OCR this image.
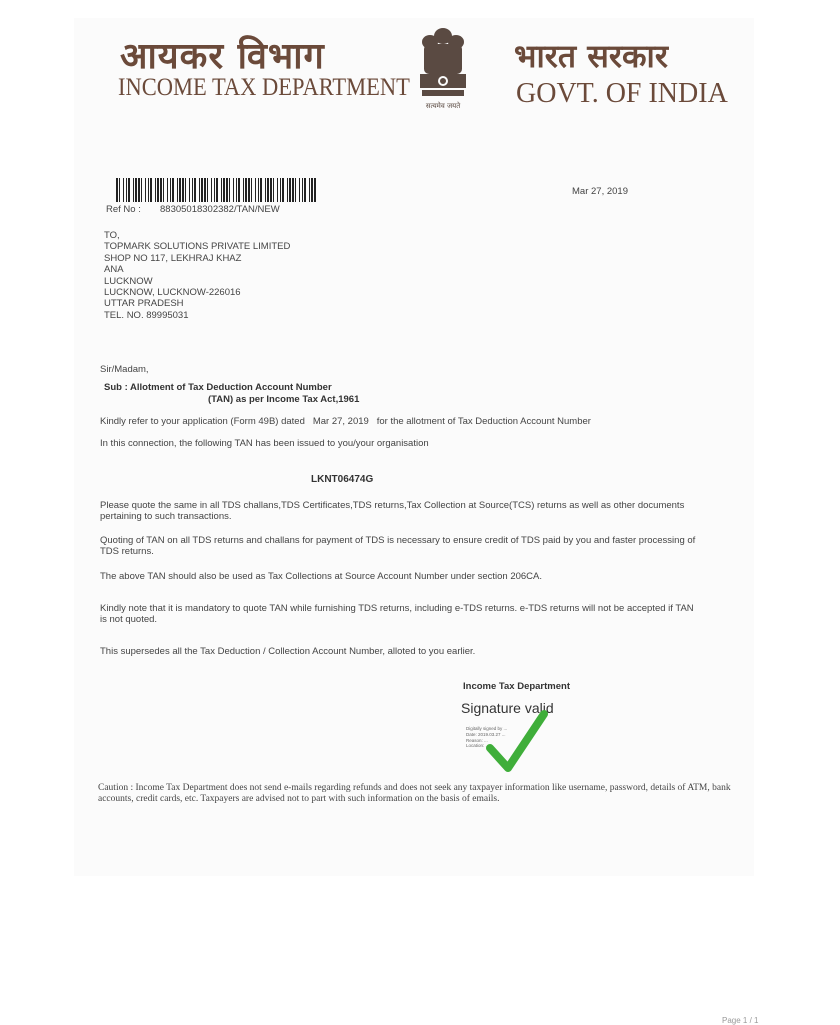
आयकर विभाग
INCOME TAX DEPARTMENT
सत्यमेव जयते
भारत सरकार
GOVT. OF INDIA
Ref No : 88305018302382/TAN/NEW
Mar 27, 2019
TO,
TOPMARK SOLUTIONS PRIVATE LIMITED
SHOP NO 117, LEKHRAJ KHAZ
ANA
LUCKNOW
LUCKNOW, LUCKNOW-226016
UTTAR PRADESH
TEL. NO. 89995031
Sir/Madam,
Sub : Allotment of Tax Deduction Account Number
(TAN) as per Income Tax Act,1961
Kindly refer to your application (Form 49B) dated Mar 27, 2019 for the allotment of Tax Deduction Account Number
In this connection, the following TAN has been issued to you/your organisation
LKNT06474G
Please quote the same in all TDS challans,TDS Certificates,TDS returns,Tax Collection at Source(TCS) returns as well as other documents pertaining to such transactions.
Quoting of TAN on all TDS returns and challans for payment of TDS is necessary to ensure credit of TDS paid by you and faster processing of TDS returns.
The above TAN should also be used as Tax Collections at Source Account Number under section 206CA.
Kindly note that it is mandatory to quote TAN while furnishing TDS returns, including e-TDS returns. e-TDS returns will not be accepted if TAN is not quoted.
This supersedes all the Tax Deduction / Collection Account Number, alloted to you earlier.
Income Tax Department
Signature valid
Digitally signed by ...
Date: 2019.03.27 ...
Reason: ...
Location: ...
Caution : Income Tax Department does not send e-mails regarding refunds and does not seek any taxpayer information like username, password, details of ATM, bank accounts, credit cards, etc. Taxpayers are advised not to part with such information on the basis of emails.
Page 1 / 1
